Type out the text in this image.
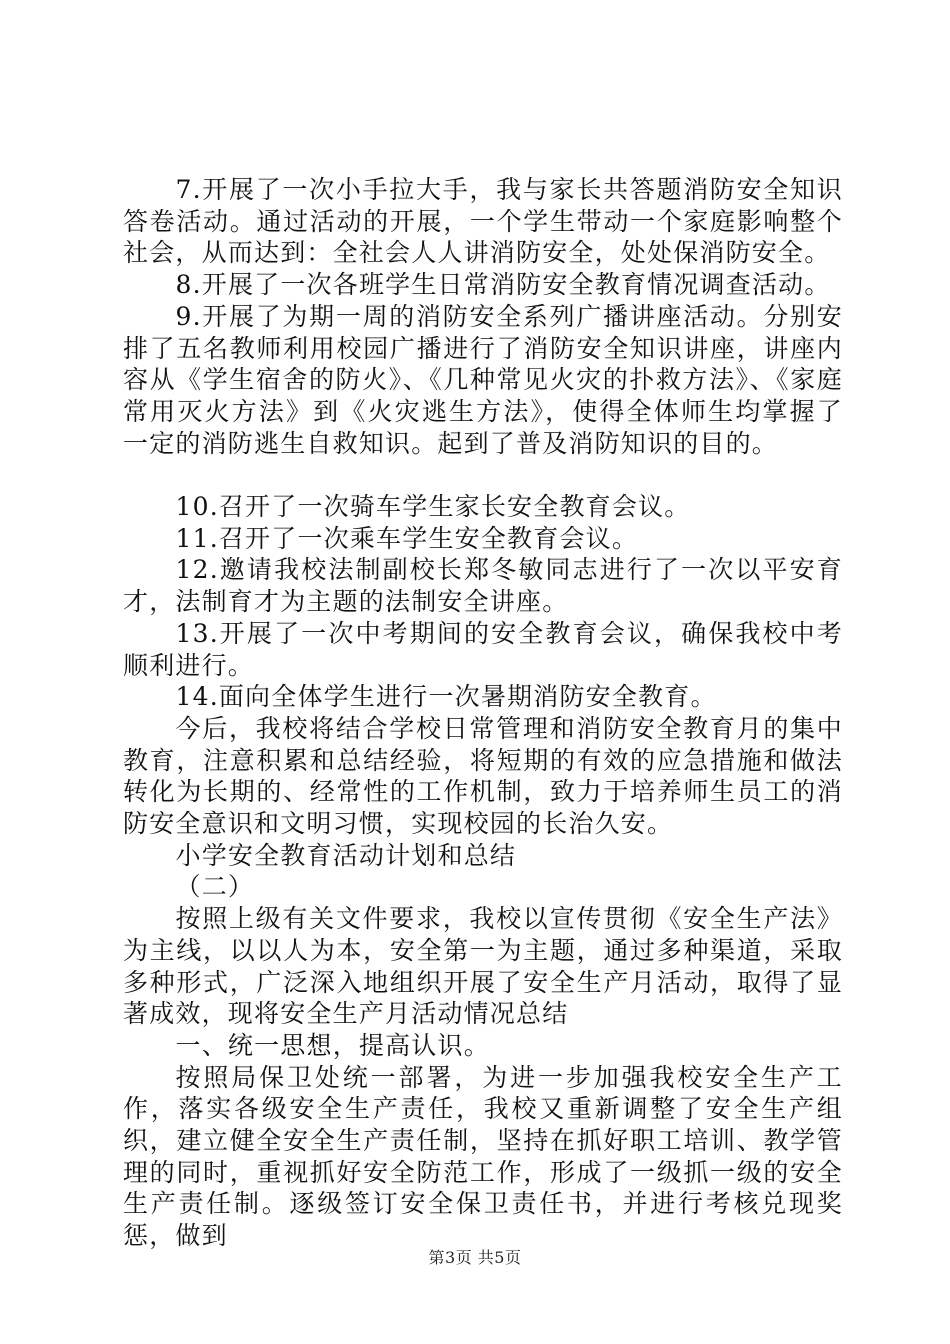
7.开展了一次小手拉大手，我与家长共答题消防安全知识答卷活动。通过活动的开展，一个学生带动一个家庭影响整个社会，从而达到：全社会人人讲消防安全，处处保消防安全。

8.开展了一次各班学生日常消防安全教育情况调查活动。

9.开展了为期一周的消防安全系列广播讲座活动。分别安排了五名教师利用校园广播进行了消防安全知识讲座，讲座内容从《学生宿舍的防火》、《几种常见火灾的扑救方法》、《家庭常用灭火方法》到《火灾逃生方法》，使得全体师生均掌握了一定的消防逃生自救知识。起到了普及消防知识的目的。

10.召开了一次骑车学生家长安全教育会议。

11.召开了一次乘车学生安全教育会议。

12.邀请我校法制副校长郑冬敏同志进行了一次以平安育才，法制育才为主题的法制安全讲座。

13.开展了一次中考期间的安全教育会议，确保我校中考顺利进行。

14.面向全体学生进行一次暑期消防安全教育。

今后，我校将结合学校日常管理和消防安全教育月的集中教育，注意积累和总结经验，将短期的有效的应急措施和做法转化为长期的、经常性的工作机制，致力于培养师生员工的消防安全意识和文明习惯，实现校园的长治久安。

小学安全教育活动计划和总结

（二）

按照上级有关文件要求，我校以宣传贯彻《安全生产法》为主线，以以人为本，安全第一为主题，通过多种渠道，采取多种形式，广泛深入地组织开展了安全生产月活动，取得了显著成效，现将安全生产月活动情况总结

一、统一思想，提高认识。

按照局保卫处统一部署，为进一步加强我校安全生产工作，落实各级安全生产责任，我校又重新调整了安全生产组织，建立健全安全生产责任制，坚持在抓好职工培训、教学管理的同时，重视抓好安全防范工作，形成了一级抓一级的安全生产责任制。逐级签订安全保卫责任书，并进行考核兑现奖惩，做到

第3页 共5页
